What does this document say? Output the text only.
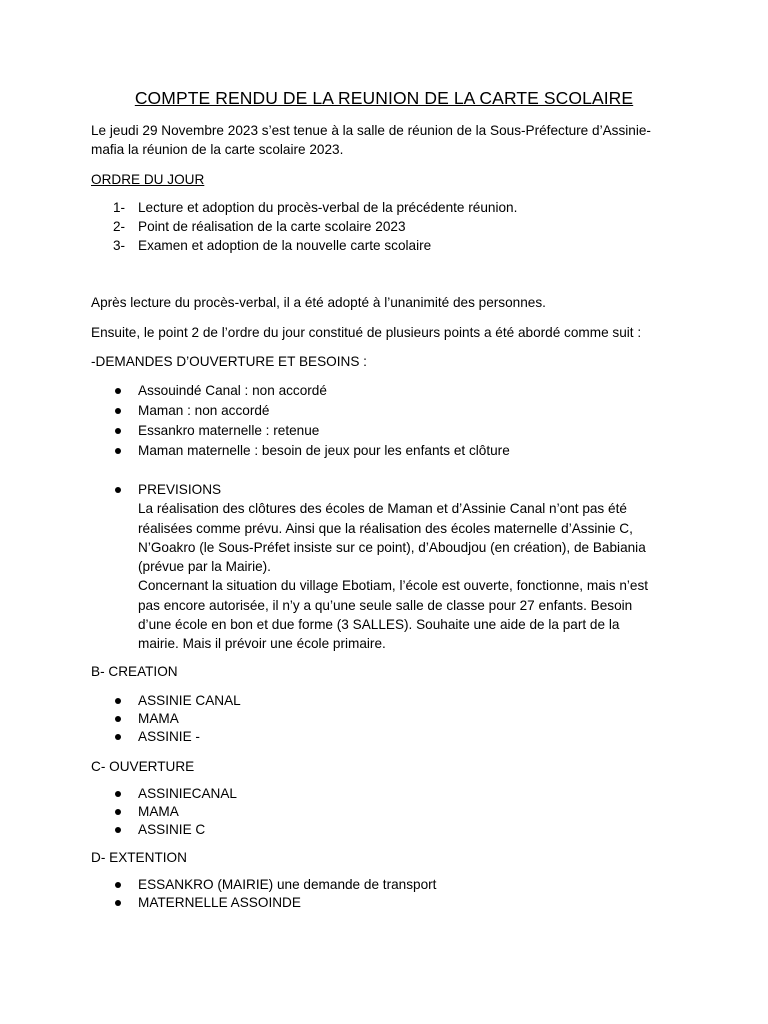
COMPTE RENDU DE LA REUNION DE LA CARTE SCOLAIRE
Le jeudi 29 Novembre 2023 s’est tenue à la salle de réunion de la Sous-Préfecture d’Assinie-mafia la réunion de la carte scolaire 2023.
ORDRE DU JOUR
1- Lecture et adoption du procès-verbal de la précédente réunion.
2- Point de réalisation de la carte scolaire 2023
3- Examen et adoption de la nouvelle carte scolaire
Après lecture du procès-verbal, il a été adopté à l’unanimité des personnes.
Ensuite, le point 2 de l’ordre du jour constitué de plusieurs points a été abordé comme suit :
-DEMANDES D’OUVERTURE ET BESOINS :
Assouindé Canal : non accordé
Maman : non accordé
Essankro maternelle : retenue
Maman maternelle : besoin de jeux pour les enfants et clôture

PREVISIONS

La réalisation des clôtures des écoles de Maman et d’Assinie Canal n’ont pas été

réalisées comme prévu. Ainsi que la réalisation des écoles maternelle d’Assinie C,

N’Goakro (le Sous-Préfet insiste sur ce point), d’Aboudjou (en création), de Babiania

(prévue par la Mairie).

Concernant la situation du village Ebotiam, l’école est ouverte, fonctionne, mais n’est

pas encore autorisée, il n’y a qu’une seule salle de classe pour 27 enfants. Besoin

d’une école en bon et due forme (3 SALLES). Souhaite une aide de la part de la

mairie. Mais il prévoir une école primaire.

B- CREATION
ASSINIE CANAL
MAMA
ASSINIE -
C- OUVERTURE
ASSINIECANAL
MAMA
ASSINIE C
D- EXTENTION
ESSANKRO (MAIRIE) une demande de transport
MATERNELLE ASSOINDE
